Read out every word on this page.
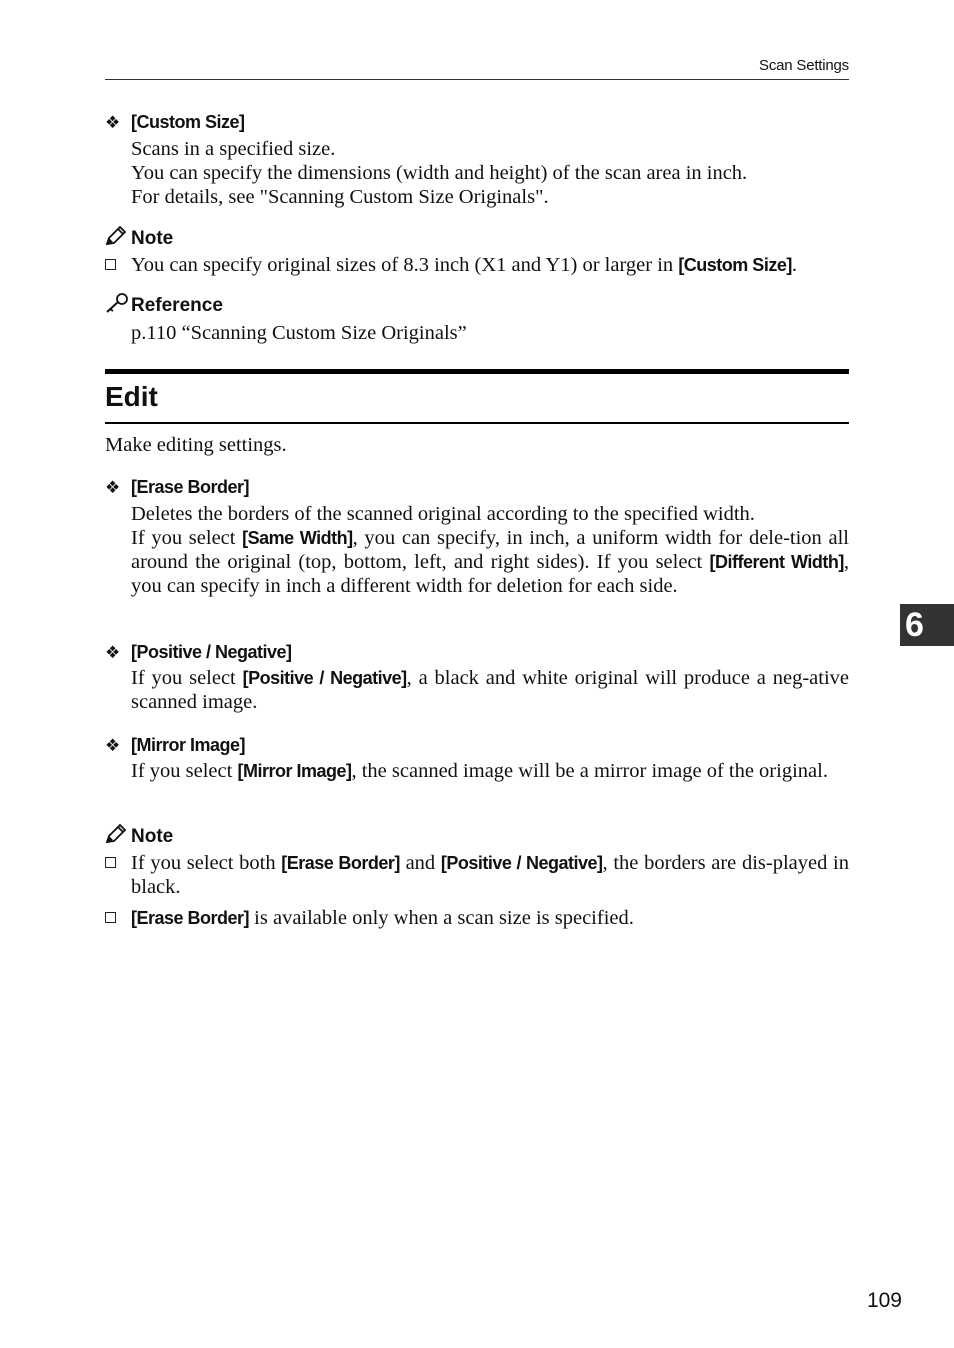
Scan Settings
❖ [Custom Size]
Scans in a specified size.
You can specify the dimensions (width and height) of the scan area in inch.
For details, see "Scanning Custom Size Originals".
Note
You can specify original sizes of 8.3 inch (X1 and Y1) or larger in [Custom Size].
Reference
p.110 “Scanning Custom Size Originals”
Edit
Make editing settings.
❖ [Erase Border]
Deletes the borders of the scanned original according to the specified width.
If you select [Same Width], you can specify, in inch, a uniform width for dele-tion all around the original (top, bottom, left, and right sides). If you select [Different Width], you can specify in inch a different width for deletion for each side.
❖ [Positive / Negative]
If you select [Positive / Negative], a black and white original will produce a neg-ative scanned image.
❖ [Mirror Image]
If you select [Mirror Image], the scanned image will be a mirror image of the original.
Note
If you select both [Erase Border] and [Positive / Negative], the borders are dis-played in black.
[Erase Border] is available only when a scan size is specified.
6
109
